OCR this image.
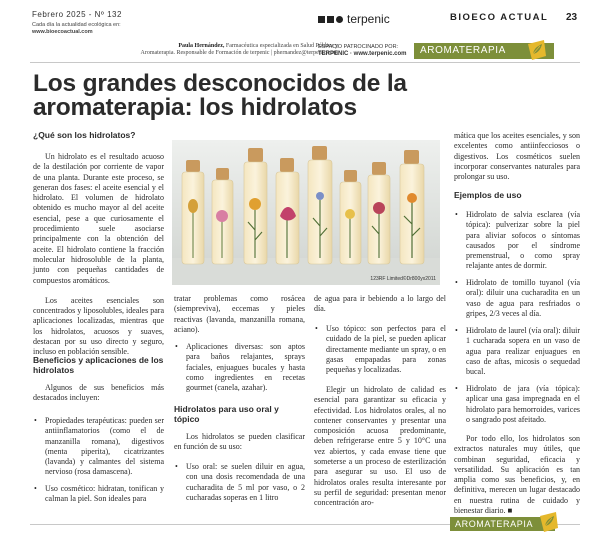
Febrero 2025 - Nº 132
Cada día la actualidad ecológica en:
www.bioecoactual.com
terpenic	BIOECO ACTUAL 23
Paula Hernández, Farmacéutica especializada en Salud Pública y
Aromaterapia. Responsable de Formación de terpenic | phernandez@terpenic.com
ESPACIO PATROCINADO POR:
TERPENIC · www.terpenic.com	AROMATERAPIA
Los grandes desconocidos de la aromaterapia: los hidrolatos
¿Qué son los hidrolatos?

Un hidrolato es el resultado acuoso de la destilación por corriente de vapor de una planta. Durante este proceso, se generan dos fases: el aceite esencial y el hidrolato. El volumen de hidrolato obtenido es mucho mayor al del aceite esencial, pese a que curiosamente el procedimiento suele asociarse principalmente con la obtención del aceite. El hidrolato contiene la fracción molecular hidrosoluble de la planta, junto con pequeñas cantidades de compuestos aromáticos.

Los aceites esenciales son concentrados y liposolubles, ideales para aplicaciones localizadas, mientras que los hidrolatos, acuosos y suaves, destacan por su uso directo y seguro, incluso en población sensible.

Beneficios y aplicaciones de los hidrolatos

Algunos de sus beneficios más destacados incluyen:

• Propiedades terapéuticas: pueden ser antiinflamatorios (como el de manzanilla romana), digestivos (menta piperita), cicatrizantes (lavanda) y calmantes del sistema nervioso (rosa damascena).
• Uso cosmético: hidratan, tonifican y calman la piel. Son ideales para
123RF Limited©Dr800yx2011

tratar problemas como rosácea (siempreviva), eccemas y pieles reactivas (lavanda, manzanilla romana, aciano).

• Aplicaciones diversas: son aptos para baños relajantes, sprays faciales, enjuagues bucales y hasta como ingredientes en recetas gourmet (canela, azahar).
Hidrolatos para uso oral y tópico

Los hidrolatos se pueden clasificar en función de su uso:

• Uso oral: se suelen diluir en agua, con una dosis recomendada de una cucharadita de 5 ml por vaso, o 2 cucharadas soperas en 1 litro

de agua para ir bebiendo a lo largo del día.

• Uso tópico: son perfectos para el cuidado de la piel, se pueden aplicar directamente mediante un spray, o en gasas empapadas para zonas pequeñas y localizadas.

Elegir un hidrolato de calidad es esencial para garantizar su eficacia y efectividad. Los hidrolatos orales, al no contener conservantes y presentar una composición acuosa predominante, deben refrigerarse entre 5 y 10°C una vez abiertos, y cada envase tiene que someterse a un proceso de esterilización para asegurar su uso. El uso de hidrolatos orales resulta interesante por su perfil de seguridad: presentan menor concentración aro-

mática que los aceites esenciales, y son excelentes como antiinfecciosos o digestivos. Los cosméticos suelen incorporar conservantes naturales para prolongar su uso.

Ejemplos de uso
• Hidrolato de salvia esclarea (vía tópica): pulverizar sobre la piel para aliviar sofocos o síntomas causados por el síndrome premenstrual, o como spray relajante antes de dormir.
• Hidrolato de tomillo tuyanol (vía oral): diluir una cucharadita en un vaso de agua para resfriados o gripes, 2/3 veces al día.
• Hidrolato de laurel (vía oral): diluir 1 cucharada sopera en un vaso de agua para realizar enjuagues en caso de aftas, micosis o sequedad bucal.
• Hidrolato de jara (vía tópica): aplicar una gasa impregnada en el hidrolato para hemorroides, varices o sangrado post afeitado.

Por todo ello, los hidrolatos son extractos naturales muy útiles, que combinan seguridad, eficacia y versatilidad. Su aplicación es tan amplia como sus beneficios, y, en definitiva, merecen un lugar destacado en nuestra rutina de cuidado y bienestar diario. ■

AROMATERAPIA
